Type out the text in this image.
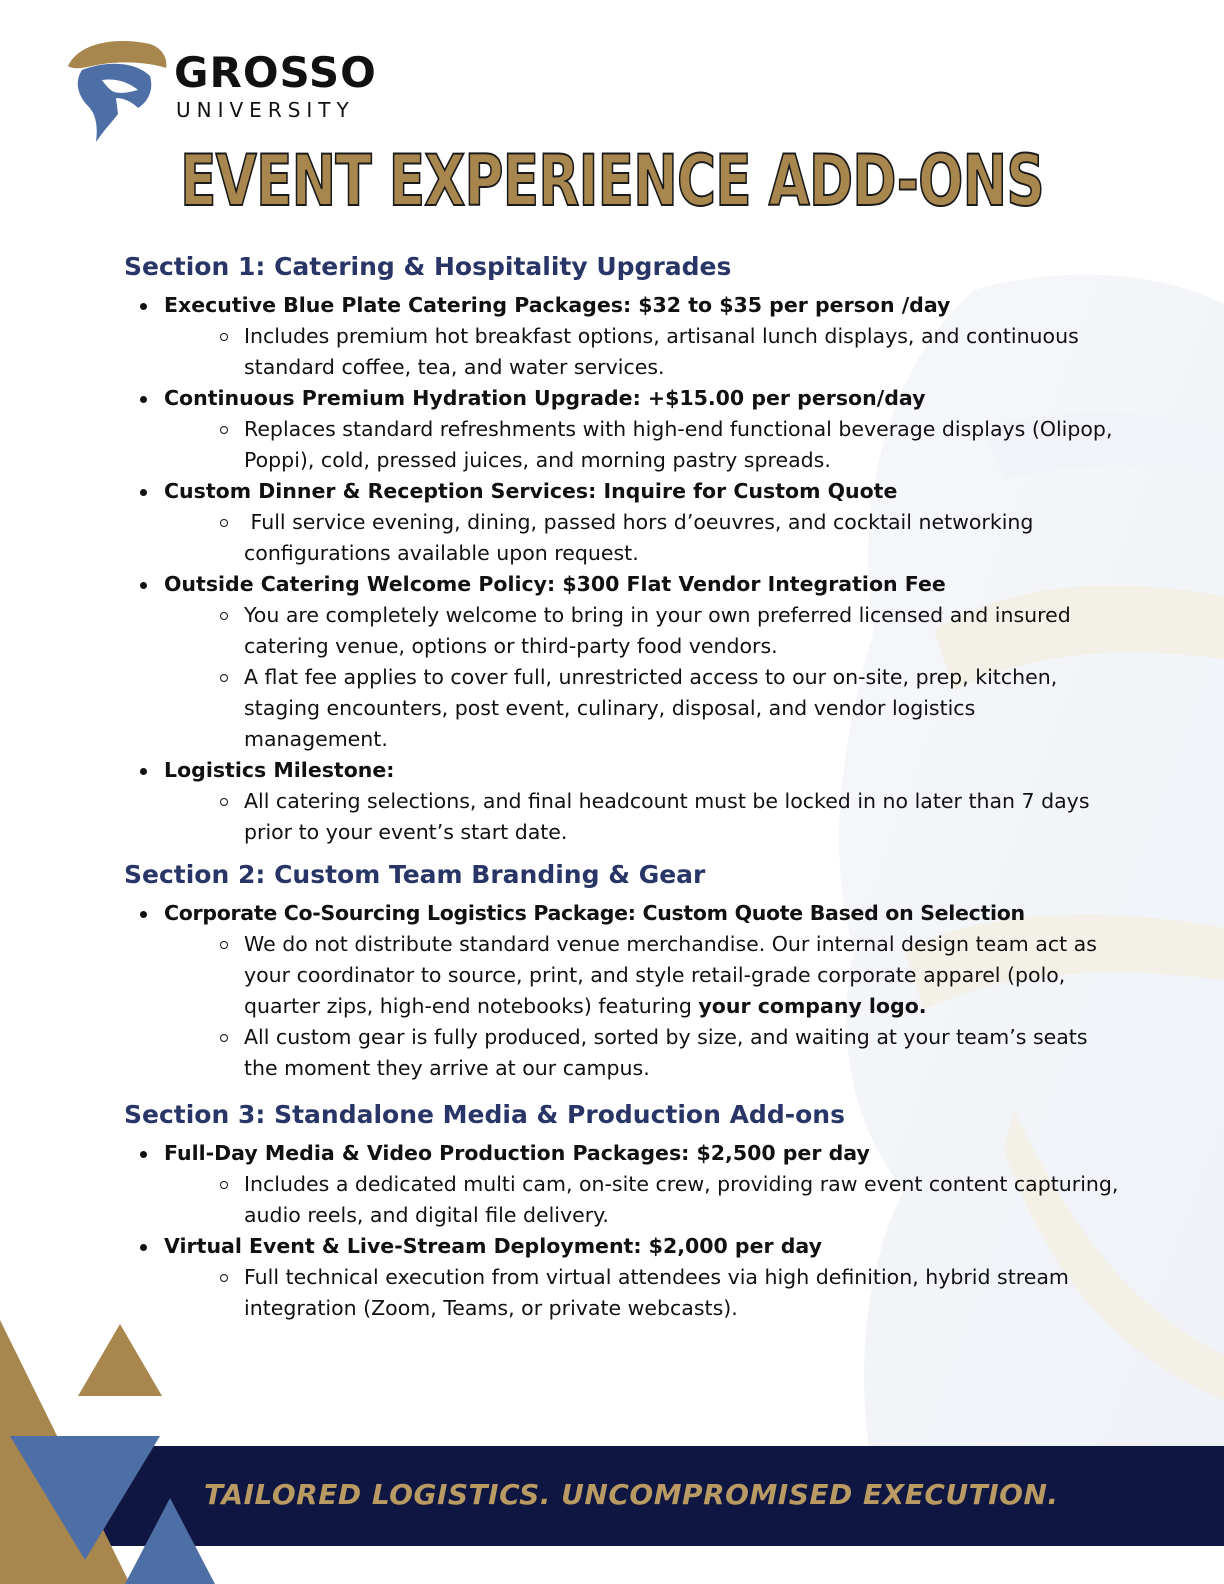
GROSSO
UNIVERSITY
EVENT EXPERIENCE ADD-ONS
Section 1: Catering & Hospitality Upgrades
Executive Blue Plate Catering Packages: $32 to $35 per person /day
Includes premium hot breakfast options, artisanal lunch displays, and continuous standard coffee, tea, and water services.
Continuous Premium Hydration Upgrade: +$15.00 per person/day
Replaces standard refreshments with high-end functional beverage displays (Olipop, Poppi), cold, pressed juices, and morning pastry spreads.
Custom Dinner & Reception Services: Inquire for Custom Quote
Full service evening, dining, passed hors d’oeuvres, and cocktail networking configurations available upon request.
Outside Catering Welcome Policy: $300 Flat Vendor Integration Fee
You are completely welcome to bring in your own preferred licensed and insured catering venue, options or third-party food vendors.
A flat fee applies to cover full, unrestricted access to our on-site, prep, kitchen, staging encounters, post event, culinary, disposal, and vendor logistics management.
Logistics Milestone:
All catering selections, and final headcount must be locked in no later than 7 days prior to your event’s start date.
Section 2: Custom Team Branding & Gear
Corporate Co-Sourcing Logistics Package: Custom Quote Based on Selection
We do not distribute standard venue merchandise. Our internal design team act as your coordinator to source, print, and style retail-grade corporate apparel (polo, quarter zips, high-end notebooks) featuring your company logo.
All custom gear is fully produced, sorted by size, and waiting at your team’s seats the moment they arrive at our campus.
Section 3: Standalone Media & Production Add-ons
Full-Day Media & Video Production Packages: $2,500 per day
Includes a dedicated multi cam, on-site crew, providing raw event content capturing, audio reels, and digital file delivery.
Virtual Event & Live-Stream Deployment: $2,000 per day
Full technical execution from virtual attendees via high definition, hybrid stream integration (Zoom, Teams, or private webcasts).
TAILORED LOGISTICS. UNCOMPROMISED EXECUTION.
